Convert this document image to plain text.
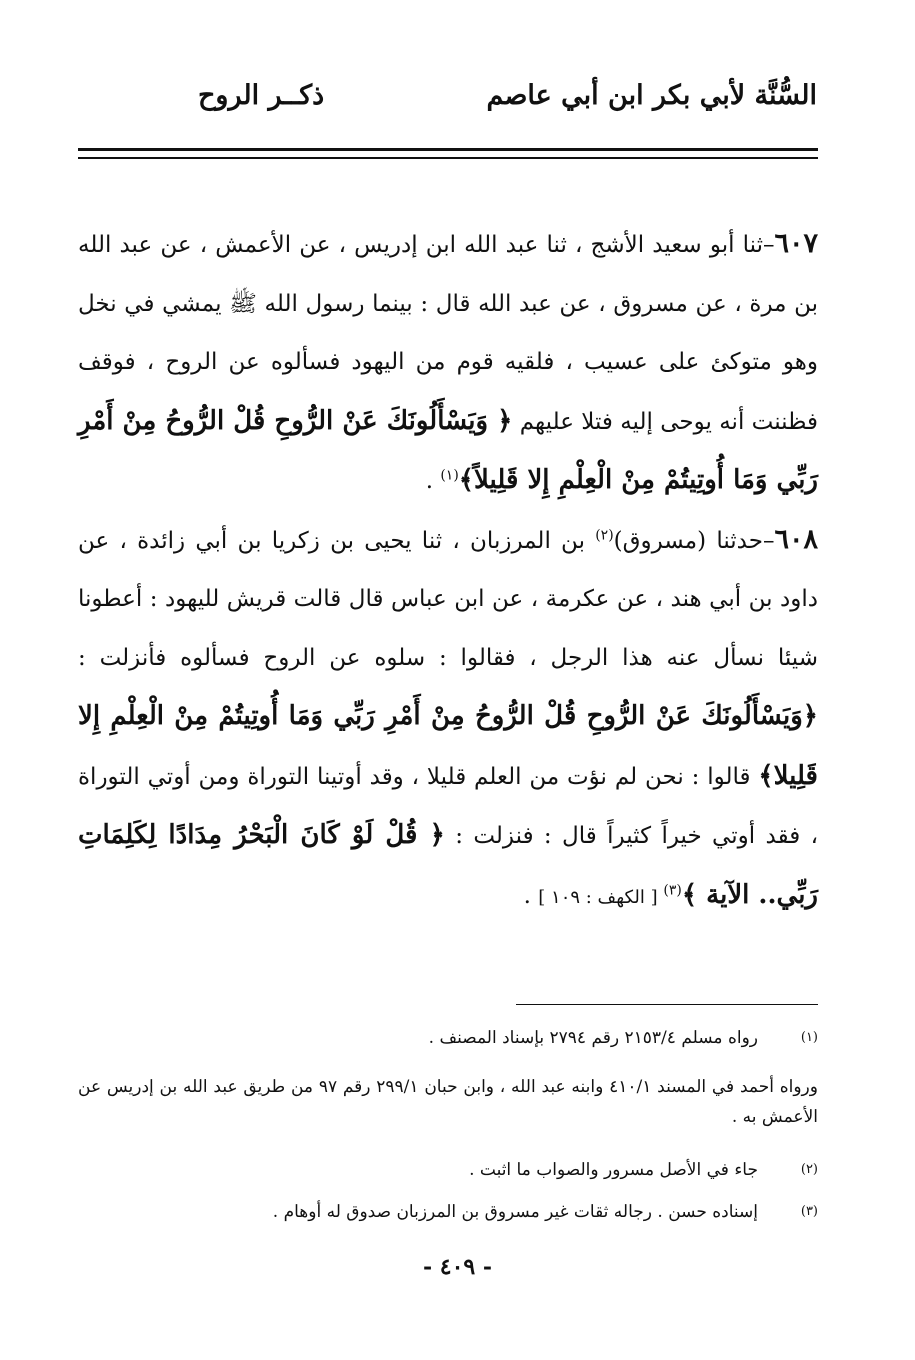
السُّنَّة لأبي بكر ابن أبي عاصم
ذكــر الروح

٦٠٧–ثنا أبو سعيد الأشج ، ثنا عبد الله ابن إدريس ، عن الأعمش ، عن عبد الله بن مرة ، عن مسروق ، عن عبد الله قال : بينما رسول الله ﷺ يمشي في نخل وهو متوكئ على عسيب ، فلقيه قوم من اليهود فسألوه عن الروح ، فوقف فظننت أنه يوحى إليه فتلا عليهم ﴿ وَيَسْأَلُونَكَ عَنْ الرُّوحِ قُلْ الرُّوحُ مِنْ أَمْرِ رَبِّي وَمَا أُوتِيتُمْ مِنْ الْعِلْمِ إِلا قَلِيلاً﴾$^{(١)}$ .

٦٠٨–حدثنا (مسروق)$^{(٢)}$ بن المرزبان ، ثنا يحيى بن زكريا بن أبي زائدة ، عن داود بن أبي هند ، عن عكرمة ، عن ابن عباس قال قالت قريش لليهود : أعطونا شيئا نسأل عنه هذا الرجل ، فقالوا : سلوه عن الروح فسألوه فأنزلت : ﴿وَيَسْأَلُونَكَ عَنْ الرُّوحِ قُلْ الرُّوحُ مِنْ أَمْرِ رَبِّي وَمَا أُوتِيتُمْ مِنْ الْعِلْمِ إِلا قَلِيلا﴾ قالوا : نحن لم نؤت من العلم قليلا ، وقد أوتينا التوراة ومن أوتي التوراة ، فقد أوتي خيراً كثيراً قال : فنزلت : ﴿ قُلْ لَوْ كَانَ الْبَحْرُ مِدَادًا لِكَلِمَاتِ رَبِّي.. الآية ﴾$^{(٣)}$ [ الكهف : ١٠٩ ] .

(١)
رواه مسلم ٢١٥٣/٤ رقم ٢٧٩٤ بإسناد المصنف .

ورواه أحمد في المسند ٤١٠/١ وابنه عبد الله ، وابن حبان ٢٩٩/١ رقم ٩٧ من طريق عبد الله بن إدريس عن الأعمش به .

(٢)
جاء في الأصل مسرور والصواب ما اثبت .
(٣)
إسناده حسن . رجاله ثقات غير مسروق بن المرزبان صدوق له أوهام .
- ٤٠٩ -
